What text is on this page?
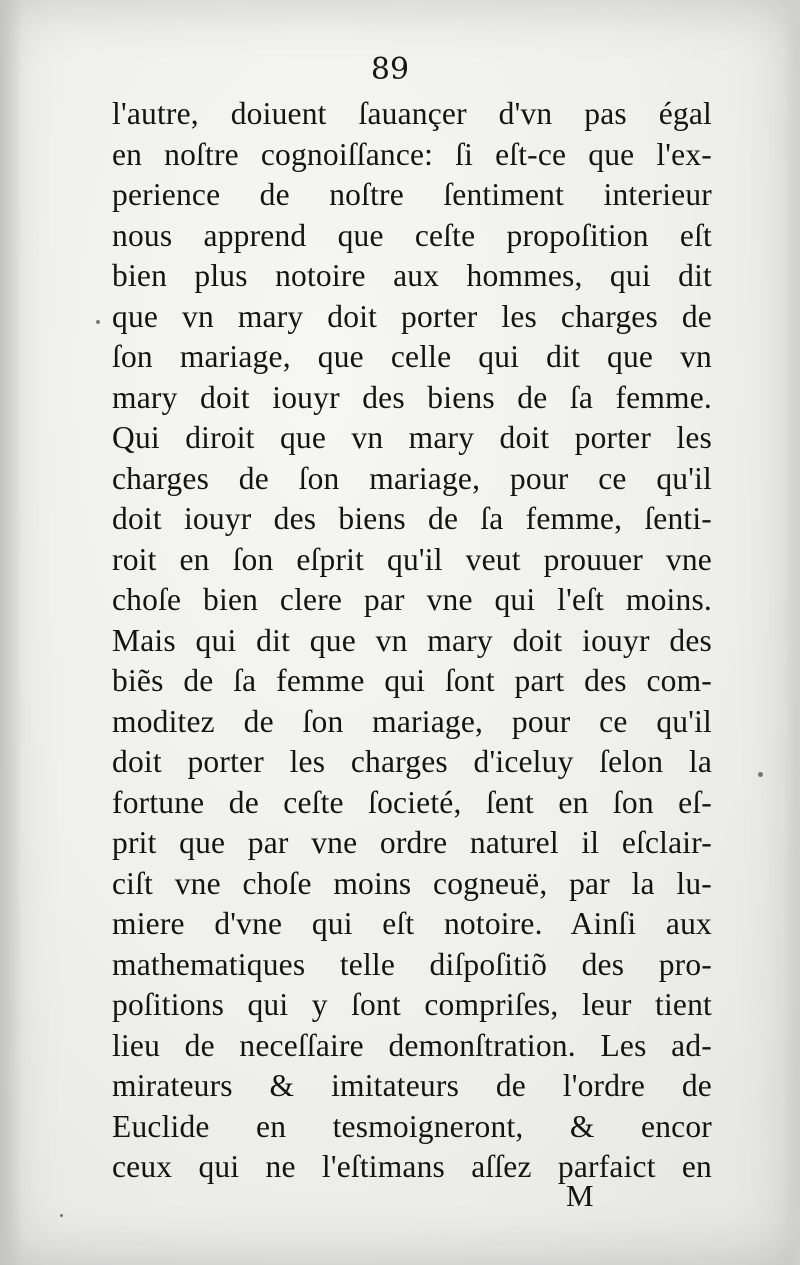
89
l'autre, doiuent ſauançer d'vn pas égal
en noſtre cognoiſſance: ſi eſt-ce que l'ex-
perience de noſtre ſentiment interieur
nous apprend que ceſte propoſition eſt
bien plus notoire aux hommes, qui dit
que vn mary doit porter les charges de
ſon mariage, que celle qui dit que vn
mary doit iouyr des biens de ſa femme.
Qui diroit que vn mary doit porter les
charges de ſon mariage, pour ce qu'il
doit iouyr des biens de ſa femme, ſenti-
roit en ſon eſprit qu'il veut prouuer vne
choſe bien clere par vne qui l'eſt moins.
Mais qui dit que vn mary doit iouyr des
biẽs de ſa femme qui ſont part des com-
moditez de ſon mariage, pour ce qu'il
doit porter les charges d'iceluy ſelon la
fortune de ceſte ſocieté, ſent en ſon eſ-
prit que par vne ordre naturel il eſclair-
ciſt vne choſe moins cogneuë, par la lu-
miere d'vne qui eſt notoire. Ainſi aux
mathematiques telle diſpoſitiõ des pro-
poſitions qui y ſont compriſes, leur tient
lieu de neceſſaire demonſtration. Les ad-
mirateurs & imitateurs de l'ordre de
Euclide en tesmoigneront, & encor
ceux qui ne l'eſtimans aſſez parfaict en
M
